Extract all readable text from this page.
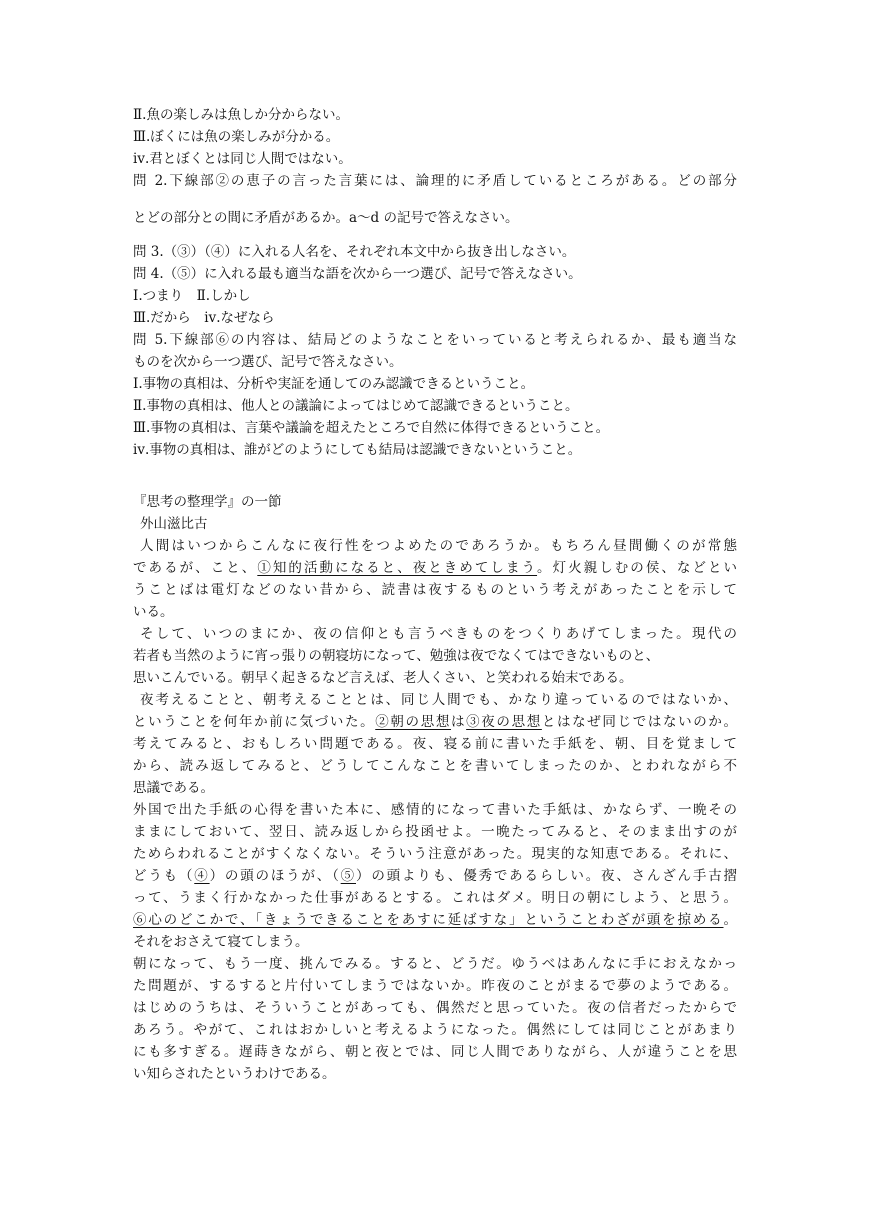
Ⅱ.魚の楽しみは魚しか分からない。
Ⅲ.ぼくには魚の楽しみが分かる。
ⅳ.君とぼくとは同じ人間ではない。
問 2.下線部②の恵子の言った言葉には、論理的に矛盾しているところがある。どの部分
とどの部分との間に矛盾があるか。a〜d の記号で答えなさい。
問 3.（③）（④）に入れる人名を、それぞれ本文中から抜き出しなさい。
問 4.（⑤）に入れる最も適当な語を次から一つ選び、記号で答えなさい。
Ⅰ.つまり　Ⅱ.しかし
Ⅲ.だから　ⅳ.なぜなら
問 5.下線部⑥の内容は、結局どのようなことをいっていると考えられるか、最も適当な
ものを次から一つ選び、記号で答えなさい。
Ⅰ.事物の真相は、分析や実証を通してのみ認識できるということ。
Ⅱ.事物の真相は、他人との議論によってはじめて認識できるということ。
Ⅲ.事物の真相は、言葉や議論を超えたところで自然に体得できるということ。
ⅳ.事物の真相は、誰がどのようにしても結局は認識できないということ。
『思考の整理学』の一節
外山滋比古
人間はいつからこんなに夜行性をつよめたのであろうか。もちろん昼間働くのが常態
であるが、こと、①知的活動になると、夜ときめてしまう。灯火親しむの侯、などとい
うことばは電灯などのない昔から、読書は夜するものという考えがあったことを示して
いる。
そして、いつのまにか、夜の信仰とも言うべきものをつくりあげてしまった。現代の
若者も当然のように宵っ張りの朝寝坊になって、勉強は夜でなくてはできないものと、
思いこんでいる。朝早く起きるなど言えば、老人くさい、と笑われる始末である。
夜考えることと、朝考えることとは、同じ人間でも、かなり違っているのではないか、
ということを何年か前に気づいた。②朝の思想は③夜の思想とはなぜ同じではないのか。
考えてみると、おもしろい問題である。夜、寝る前に書いた手紙を、朝、目を覚まして
から、読み返してみると、どうしてこんなことを書いてしまったのか、とわれながら不
思議である。
外国で出た手紙の心得を書いた本に、感情的になって書いた手紙は、かならず、一晩その
ままにしておいて、翌日、読み返しから投函せよ。一晩たってみると、そのまま出すのが
ためらわれることがすくなくない。そういう注意があった。現実的な知恵である。それに、
どうも（④）の頭のほうが、（⑤）の頭よりも、優秀であるらしい。夜、さんざん手古摺
って、うまく行かなかった仕事があるとする。これはダメ。明日の朝にしよう、と思う。
⑥心のどこかで、「きょうできることをあすに延ばすな」ということわざが頭を掠める。
それをおさえて寝てしまう。
朝になって、もう一度、挑んでみる。すると、どうだ。ゆうべはあんなに手におえなかっ
た問題が、するすると片付いてしまうではないか。昨夜のことがまるで夢のようである。
はじめのうちは、そういうことがあっても、偶然だと思っていた。夜の信者だったからで
あろう。やがて、これはおかしいと考えるようになった。偶然にしては同じことがあまり
にも多すぎる。遅蒔きながら、朝と夜とでは、同じ人間でありながら、人が違うことを思
い知らされたというわけである。
